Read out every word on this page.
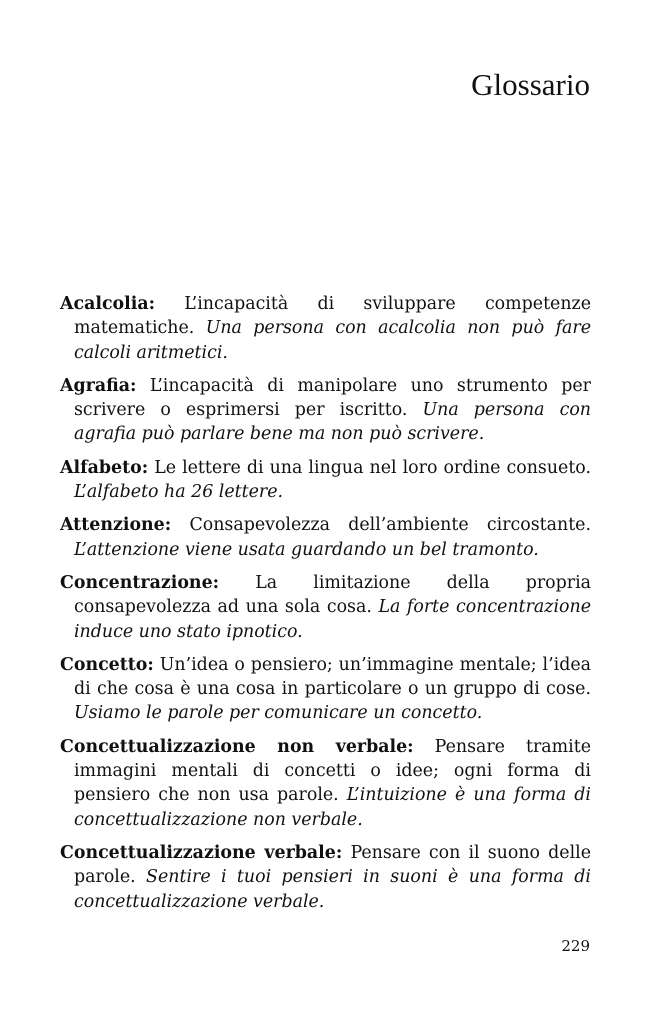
Glossario

Acalcolia: L’incapacità di sviluppare competenze matematiche. Una persona con acalcolia non può fare calcoli aritmetici.

Agrafia: L’incapacità di manipolare uno strumento per scrivere o esprimersi per iscritto. Una persona con agrafia può parlare bene ma non può scrivere.

Alfabeto: Le lettere di una lingua nel loro ordine consueto. L’alfabeto ha 26 lettere.

Attenzione: Consapevolezza dell’ambiente circostante. L’attenzione viene usata guardando un bel tramonto.

Concentrazione: La limitazione della propria consapevolezza ad una sola cosa. La forte concentrazione induce uno stato ipnotico.

Concetto: Un’idea o pensiero; un’immagine mentale; l’idea di che cosa è una cosa in particolare o un gruppo di cose. Usiamo le parole per comunicare un concetto.

Concettualizzazione non verbale: Pensare tramite immagini mentali di concetti o idee; ogni forma di pensiero che non usa parole. L’intuizione è una forma di concettualizzazione non verbale.

Concettualizzazione verbale: Pensare con il suono delle parole. Sentire i tuoi pensieri in suoni è una forma di concettualizzazione verbale.

229
